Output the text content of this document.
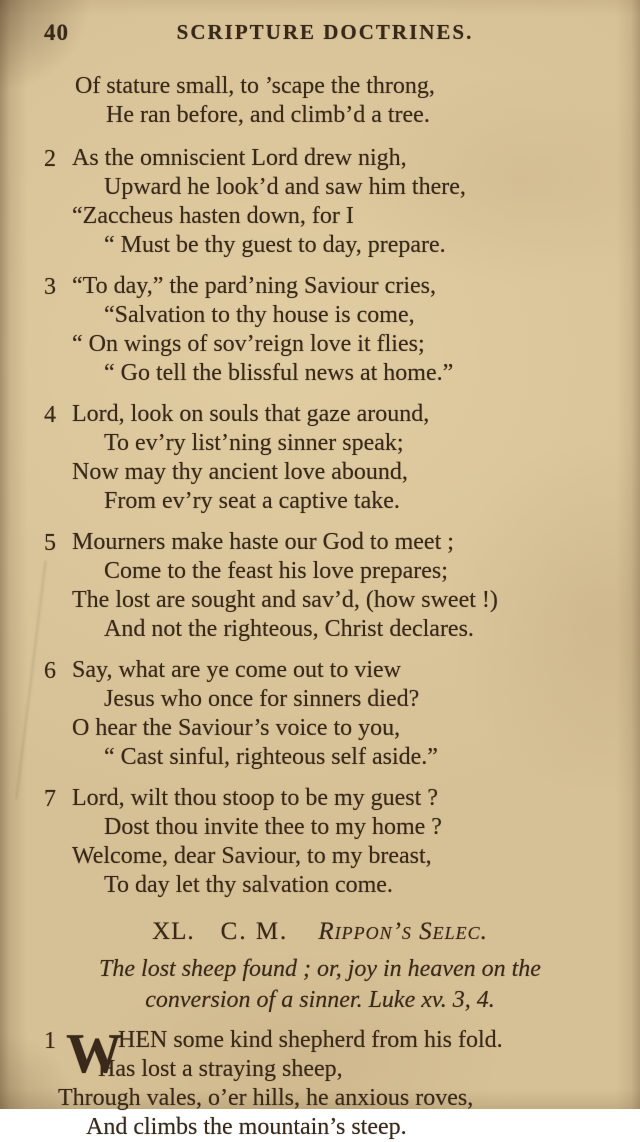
40	SCRIPTURE DOCTRINES.
Of stature small, to ’scape the throng,
He ran before, and climb’d a tree.
2 As the omniscient Lord drew nigh,
Upward he look’d and saw him there,
“Zaccheus hasten down, for I
“ Must be thy guest to day, prepare.
3 “To day,” the pard’ning Saviour cries,
“Salvation to thy house is come,
“ On wings of sov’reign love it flies;
“ Go tell the blissful news at home.”
4 Lord, look on souls that gaze around,
To ev’ry list’ning sinner speak;
Now may thy ancient love abound,
From ev’ry seat a captive take.
5 Mourners make haste our God to meet ;
Come to the feast his love prepares;
The lost are sought and sav’d, (how sweet !)
And not the righteous, Christ declares.
6 Say, what are ye come out to view
Jesus who once for sinners died?
O hear the Saviour’s voice to you,
“ Cast sinful, righteous self aside.”
7 Lord, wilt thou stoop to be my guest ?
Dost thou invite thee to my home ?
Welcome, dear Saviour, to my breast,
To day let thy salvation come.
XL. C. M. Rippon’s Selec.
The lost sheep found ; or, joy in heaven on the
conversion of a sinner. Luke xv. 3, 4.
1 W
HEN some kind shepherd from his fold.
Has lost a straying sheep,
Through vales, o’er hills, he anxious roves,
And climbs the mountain’s steep.
